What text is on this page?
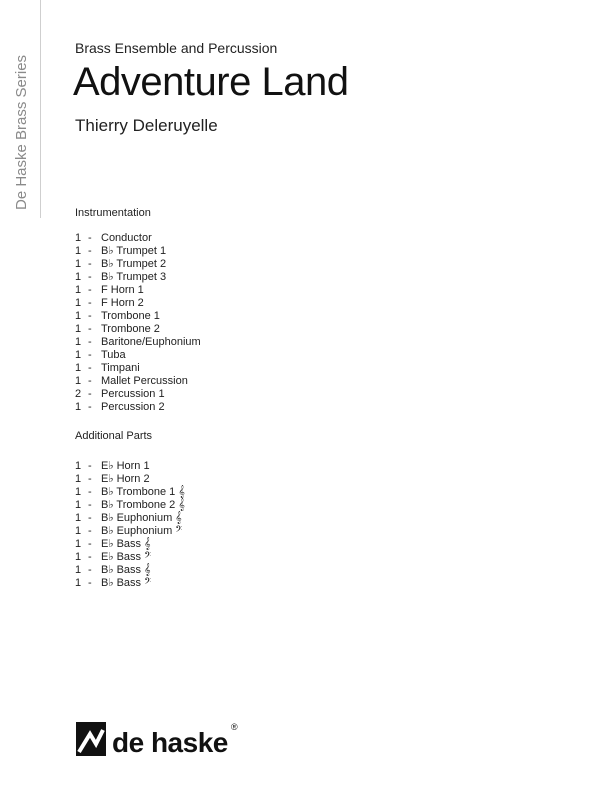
De Haske Brass Series
Brass Ensemble and Percussion
Adventure Land
Thierry Deleruyelle
Instrumentation
1 - Conductor
1 - B♭ Trumpet 1
1 - B♭ Trumpet 2
1 - B♭ Trumpet 3
1 - F Horn 1
1 - F Horn 2
1 - Trombone 1
1 - Trombone 2
1 - Baritone/Euphonium
1 - Tuba
1 - Timpani
1 - Mallet Percussion
2 - Percussion 1
1 - Percussion 2
Additional Parts
1 - E♭ Horn 1
1 - E♭ Horn 2
1 - B♭ Trombone 1 𝄞
1 - B♭ Trombone 2 𝄞
1 - B♭ Euphonium 𝄞
1 - B♭ Euphonium 𝄢
1 - E♭ Bass 𝄞
1 - E♭ Bass 𝄢
1 - B♭ Bass 𝄞
1 - B♭ Bass 𝄢
de haske ®
